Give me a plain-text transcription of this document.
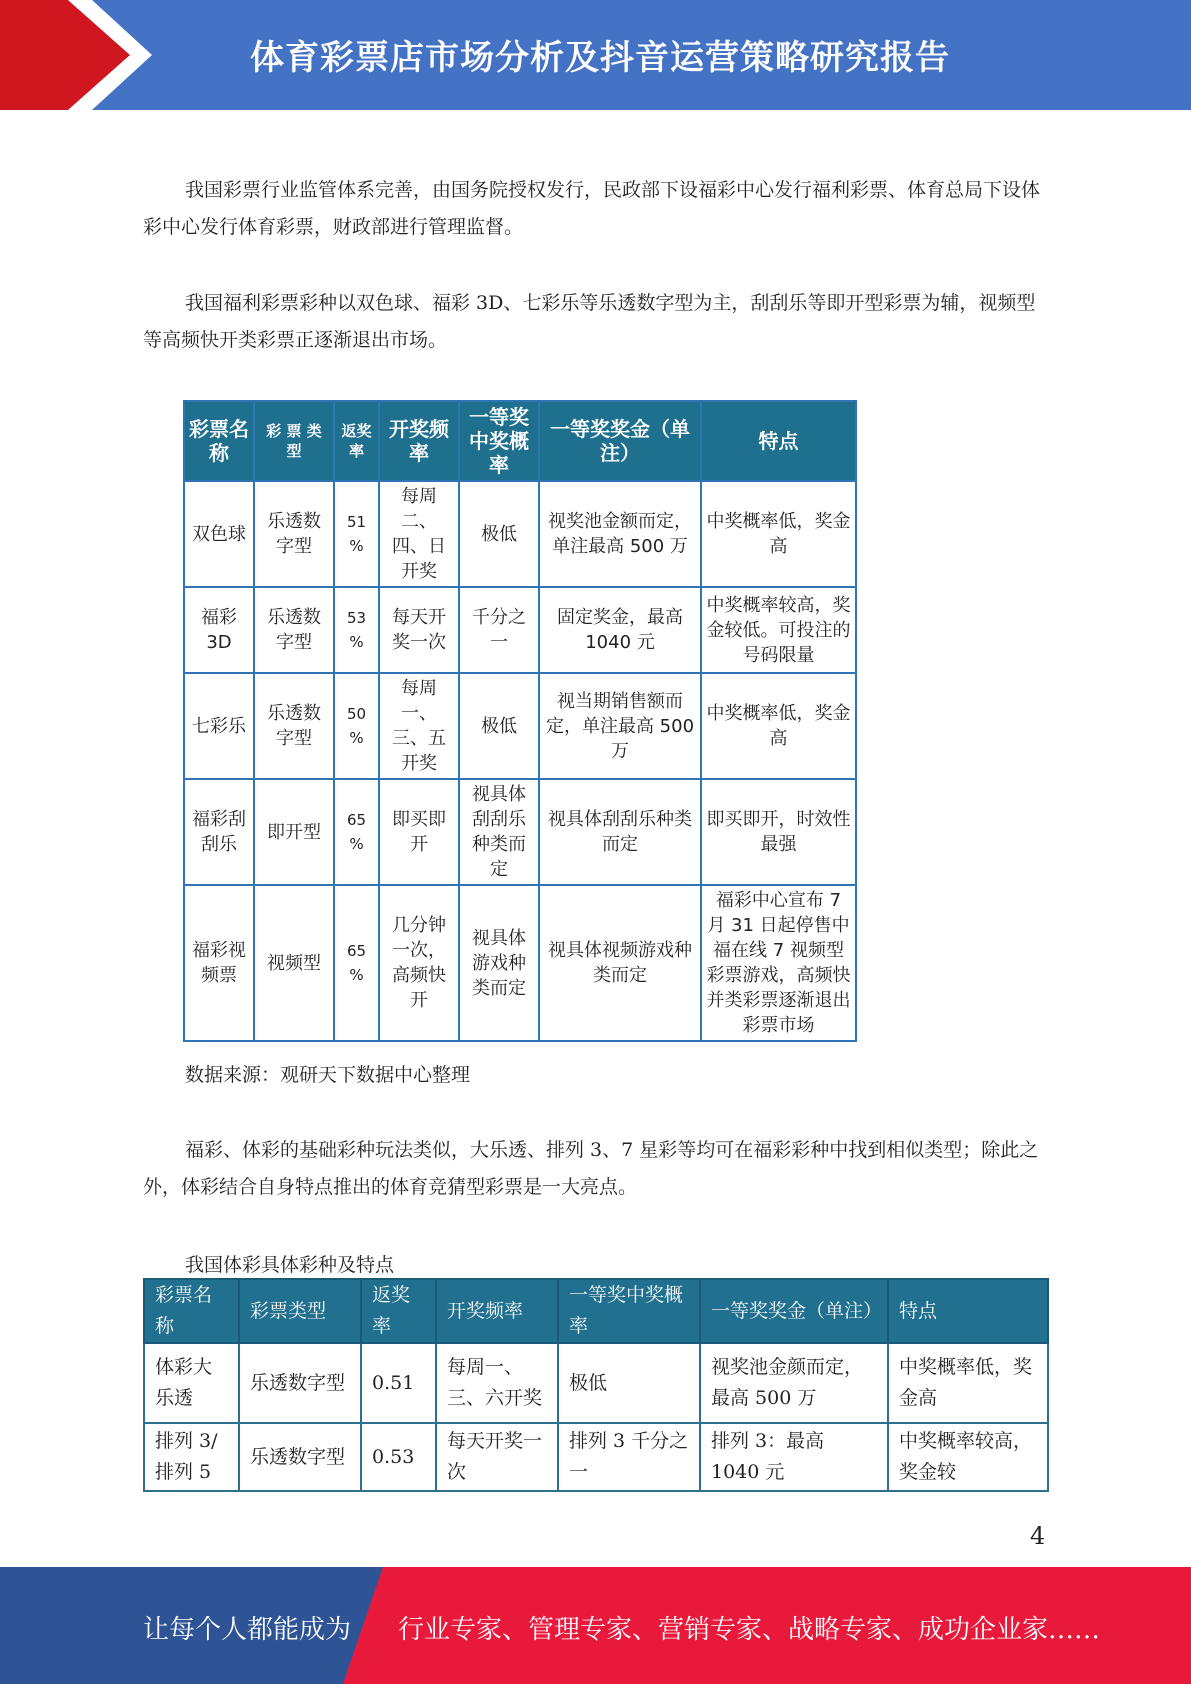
体育彩票店市场分析及抖音运营策略研究报告

我国彩票行业监管体系完善，由国务院授权发行，民政部下设福彩中心发行福利彩票、体育总局下设体彩中心发行体育彩票，财政部进行管理监督。

我国福利彩票彩种以双色球、福彩 3D、七彩乐等乐透数字型为主，刮刮乐等即开型彩票为辅，视频型等高频快开类彩票正逐渐退出市场。

彩票名称	彩 票 类 型	返奖率	开奖频率	一等奖中奖概率	一等奖奖金（单注）	特点
双色球	乐透数字型	51 %	每周二、四、日开奖	极低	视奖池金额而定，单注最高 500 万	中奖概率低，奖金高
福彩 3D	乐透数字型	53 %	每天开奖一次	千分之一	固定奖金，最高 1040 元	中奖概率较高，奖金较低。可投注的号码限量
七彩乐	乐透数字型	50 %	每周一、三、五开奖	极低	视当期销售额而定，单注最高 500 万	中奖概率低，奖金高
福彩刮刮乐	即开型	65 %	即买即开	视具体刮刮乐种类而定	视具体刮刮乐种类而定	即买即开，时效性最强
福彩视频票	视频型	65 %	几分钟一次，高频快开	视具体游戏种类而定	视具体视频游戏种类而定	福彩中心宣布 7 月 31 日起停售中福在线 7 视频型彩票游戏，高频快并类彩票逐渐退出彩票市场
数据来源：观研天下数据中心整理

福彩、体彩的基础彩种玩法类似，大乐透、排列 3、7 星彩等均可在福彩彩种中找到相似类型；除此之外，体彩结合自身特点推出的体育竞猜型彩票是一大亮点。

我国体彩具体彩种及特点
彩票名称	彩票类型	返奖率	开奖频率	一等奖中奖概率	一等奖奖金（单注）	特点
体彩大乐透	乐透数字型	0.51	每周一、三、六开奖	极低	视奖池金颜而定，最高 500 万	中奖概率低，奖金高
排列 3/排列 5	乐透数字型	0.53	每天开奖一次	排列 3 千分之一	排列 3：最高 1040 元	中奖概率较高，奖金较
4
让每个人都能成为 行业专家、管理专家、营销专家、战略专家、成功企业家……
